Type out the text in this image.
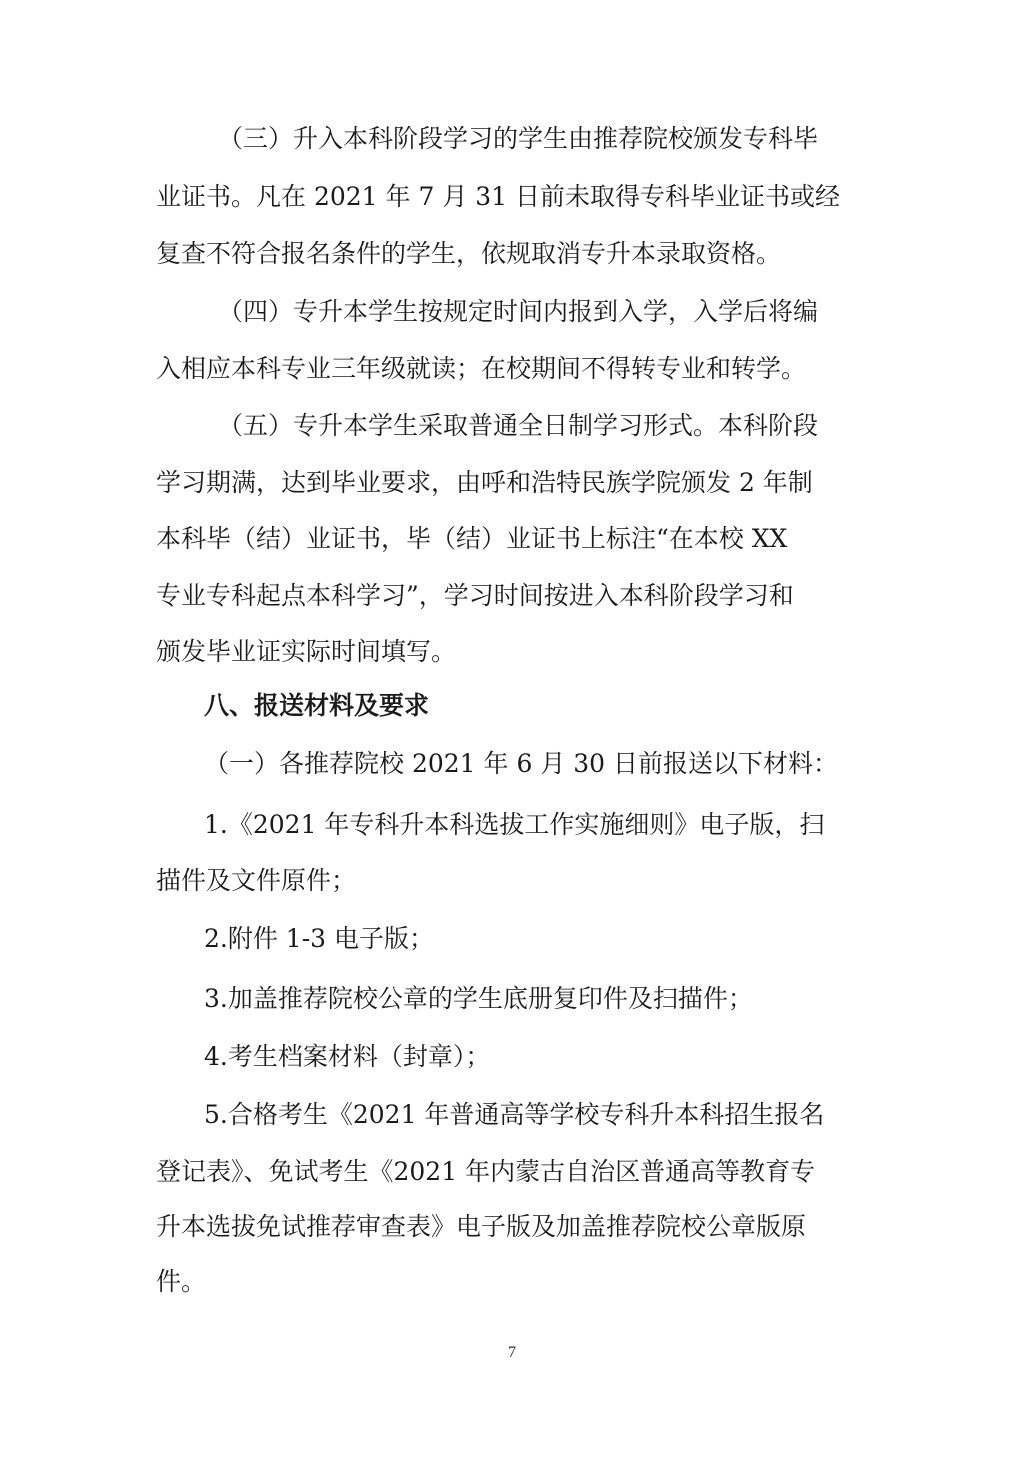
（三）升入本科阶段学习的学生由推荐院校颁发专科毕
业证书。凡在 2021 年 7 月 31 日前未取得专科毕业证书或经
复查不符合报名条件的学生，依规取消专升本录取资格。
（四）专升本学生按规定时间内报到入学，入学后将编
入相应本科专业三年级就读；在校期间不得转专业和转学。
（五）专升本学生采取普通全日制学习形式。本科阶段
学习期满，达到毕业要求，由呼和浩特民族学院颁发 2 年制
本科毕（结）业证书，毕（结）业证书上标注“在本校 XX
专业专科起点本科学习”，学习时间按进入本科阶段学习和
颁发毕业证实际时间填写。
八、报送材料及要求
（一）各推荐院校 2021 年 6 月 30 日前报送以下材料：
1.《2021 年专科升本科选拔工作实施细则》电子版，扫
描件及文件原件；
2.附件 1-3 电子版；
3.加盖推荐院校公章的学生底册复印件及扫描件；
4.考生档案材料（封章）；
5.合格考生《2021 年普通高等学校专科升本科招生报名
登记表》、免试考生《2021 年内蒙古自治区普通高等教育专
升本选拔免试推荐审查表》电子版及加盖推荐院校公章版原
件。
7
